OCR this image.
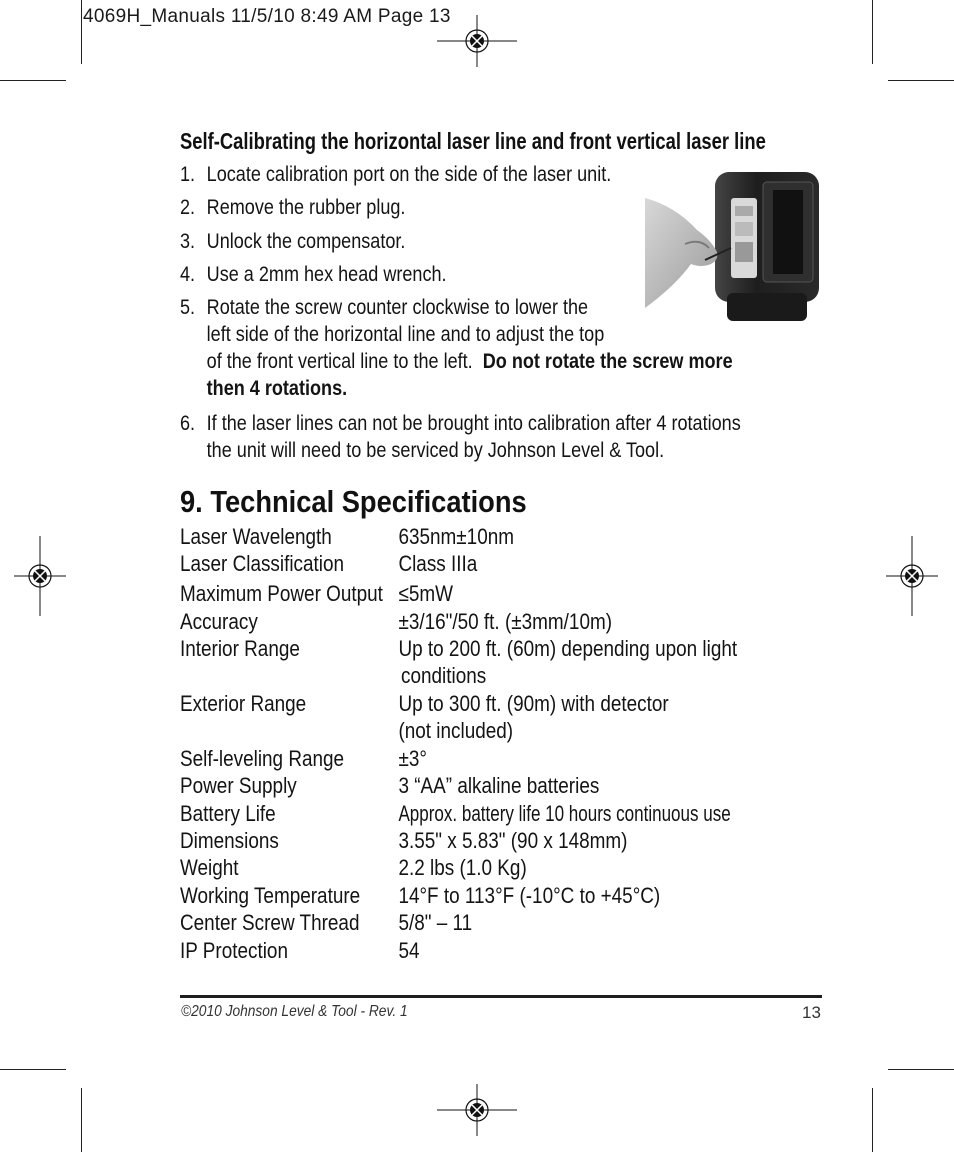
4069H_Manuals 11/5/10 8:49 AM Page 13
Self-Calibrating the horizontal laser line and front vertical laser line
1. Locate calibration port on the side of the laser unit.
2. Remove the rubber plug.
3. Unlock the compensator.
4. Use a 2mm hex head wrench.
5. Rotate the screw counter clockwise to lower the
left side of the horizontal line and to adjust the top
of the front vertical line to the left. Do not rotate the screw more
then 4 rotations.
6. If the laser lines can not be brought into calibration after 4 rotations
the unit will need to be serviced by Johnson Level & Tool.
9. Technical Specifications
Laser Wavelength	635nm±10nm
Laser Classification Class IIIa
Maximum Power Output ≤5mW
Accuracy	±3/16"/50 ft. (±3mm/10m)
Interior Range	Up to 200 ft. (60m) depending upon light
conditions
Exterior Range	Up to 300 ft. (90m) with detector
(not included)
Self-leveling Range ±3°
Power Supply	3 “AA” alkaline batteries
Battery Life	Approx. battery life 10 hours continuous use
Dimensions	3.55" x 5.83" (90 x 148mm)
Weight	2.2 lbs (1.0 Kg)
Working Temperature 14°F to 113°F (-10°C to +45°C)
Center Screw Thread 5/8" – 11
IP Protection	54
©2010 Johnson Level & Tool - Rev. 1	13
